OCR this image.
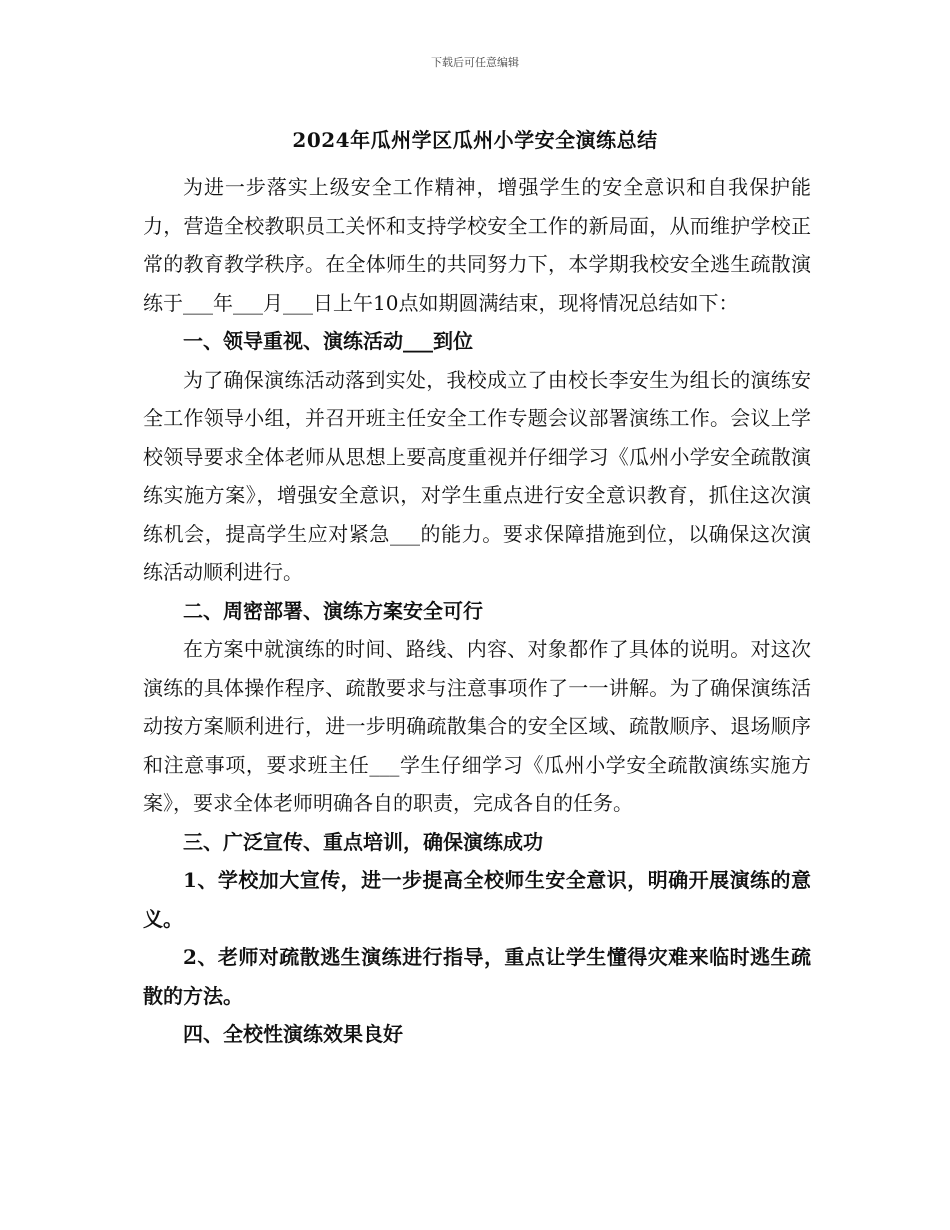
下载后可任意编辑
2024年瓜州学区瓜州小学安全演练总结

为进一步落实上级安全工作精神，增强学生的安全意识和自我保护能力，营造全校教职员工关怀和支持学校安全工作的新局面，从而维护学校正常的教育教学秩序。在全体师生的共同努力下，本学期我校安全逃生疏散演练于___年___月___日上午10点如期圆满结束，现将情况总结如下：

一、领导重视、演练活动___到位

为了确保演练活动落到实处，我校成立了由校长李安生为组长的演练安全工作领导小组，并召开班主任安全工作专题会议部署演练工作。会议上学校领导要求全体老师从思想上要高度重视并仔细学习《瓜州小学安全疏散演练实施方案》，增强安全意识，对学生重点进行安全意识教育，抓住这次演练机会，提高学生应对紧急___的能力。要求保障措施到位，以确保这次演练活动顺利进行。

二、周密部署、演练方案安全可行

在方案中就演练的时间、路线、内容、对象都作了具体的说明。对这次演练的具体操作程序、疏散要求与注意事项作了一一讲解。为了确保演练活动按方案顺利进行，进一步明确疏散集合的安全区域、疏散顺序、退场顺序和注意事项，要求班主任___学生仔细学习《瓜州小学安全疏散演练实施方案》，要求全体老师明确各自的职责，完成各自的任务。

三、广泛宣传、重点培训，确保演练成功

1、学校加大宣传，进一步提高全校师生安全意识，明确开展演练的意义。

2、老师对疏散逃生演练进行指导，重点让学生懂得灾难来临时逃生疏散的方法。

四、全校性演练效果良好
